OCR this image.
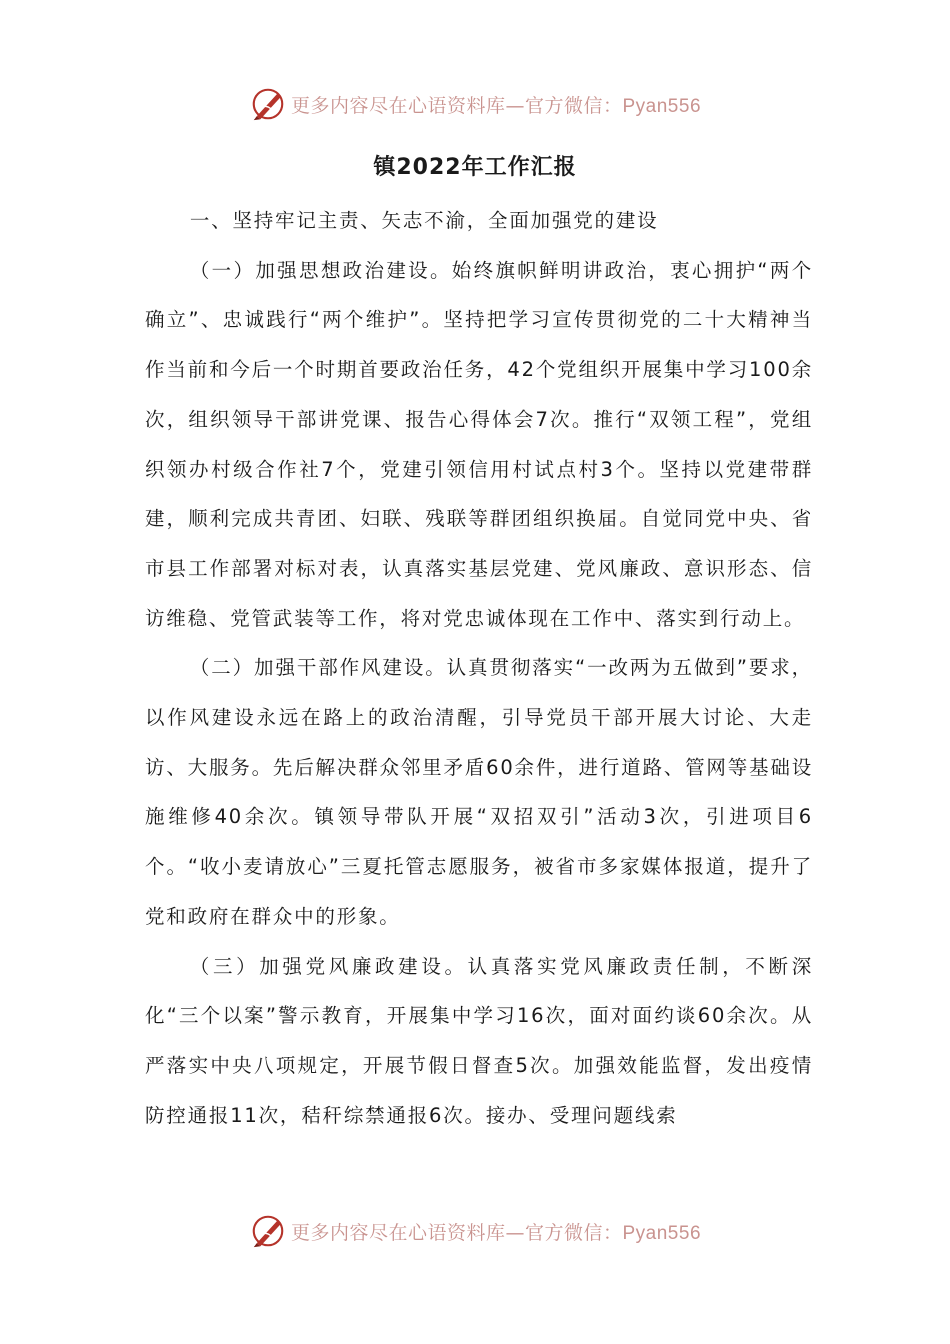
更多内容尽在心语资料库—官方微信：Pyan556
镇2022年工作汇报

一、坚持牢记主责、矢志不渝，全面加强党的建设

（一）加强思想政治建设。始终旗帜鲜明讲政治，衷心拥护“两个确立”、忠诚践行“两个维护”。坚持把学习宣传贯彻党的二十大精神当作当前和今后一个时期首要政治任务，42个党组织开展集中学习100余次，组织领导干部讲党课、报告心得体会7次。推行“双领工程”，党组织领办村级合作社7个，党建引领信用村试点村3个。坚持以党建带群建，顺利完成共青团、妇联、残联等群团组织换届。自觉同党中央、省市县工作部署对标对表，认真落实基层党建、党风廉政、意识形态、信访维稳、党管武装等工作，将对党忠诚体现在工作中、落实到行动上。

（二）加强干部作风建设。认真贯彻落实“一改两为五做到”要求，以作风建设永远在路上的政治清醒，引导党员干部开展大讨论、大走访、大服务。先后解决群众邻里矛盾60余件，进行道路、管网等基础设施维修40余次。镇领导带队开展“双招双引”活动3次，引进项目6个。“收小麦请放心”三夏托管志愿服务，被省市多家媒体报道，提升了党和政府在群众中的形象。

（三）加强党风廉政建设。认真落实党风廉政责任制，不断深化“三个以案”警示教育，开展集中学习16次，面对面约谈60余次。从严落实中央八项规定，开展节假日督查5次。加强效能监督，发出疫情防控通报11次，秸秆综禁通报6次。接办、受理问题线索

更多内容尽在心语资料库—官方微信：Pyan556
